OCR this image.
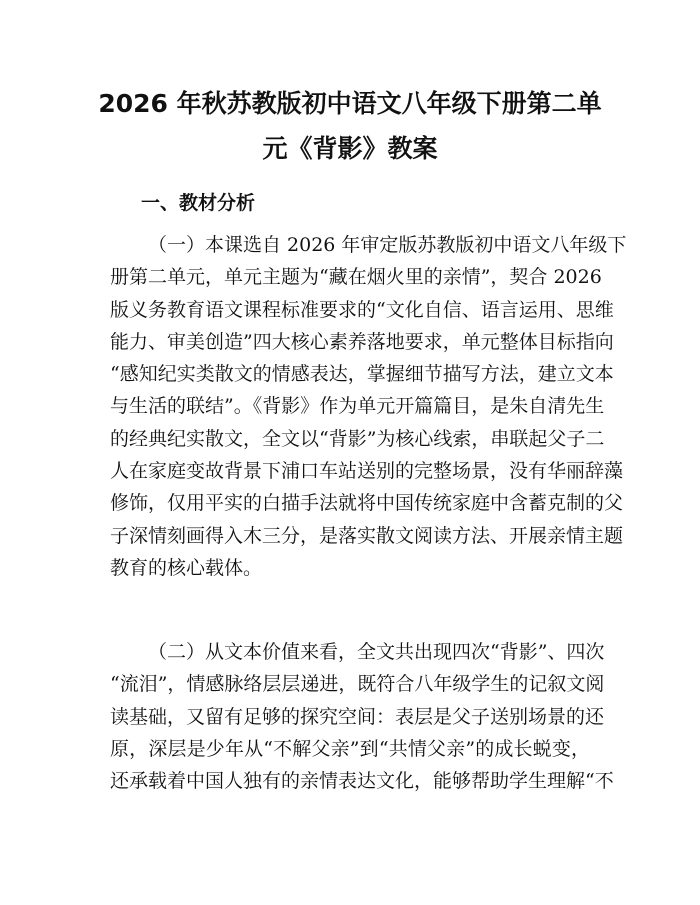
2026 年秋苏教版初中语文八年级下册第二单
元《背影》教案
一、教材分析

（一）本课选自 2026 年审定版苏教版初中语文八年级下
册第二单元，单元主题为“藏在烟火里的亲情”，契合 2026
版义务教育语文课程标准要求的“文化自信、语言运用、思维
能力、审美创造”四大核心素养落地要求，单元整体目标指向
“感知纪实类散文的情感表达，掌握细节描写方法，建立文本
与生活的联结”。《背影》作为单元开篇篇目，是朱自清先生
的经典纪实散文，全文以“背影”为核心线索，串联起父子二
人在家庭变故背景下浦口车站送别的完整场景，没有华丽辞藻
修饰，仅用平实的白描手法就将中国传统家庭中含蓄克制的父
子深情刻画得入木三分，是落实散文阅读方法、开展亲情主题
教育的核心载体。

（二）从文本价值来看，全文共出现四次“背影”、四次
“流泪”，情感脉络层层递进，既符合八年级学生的记叙文阅
读基础，又留有足够的探究空间：表层是父子送别场景的还
原，深层是少年从“不解父亲”到“共情父亲”的成长蜕变，
还承载着中国人独有的亲情表达文化，能够帮助学生理解“不
